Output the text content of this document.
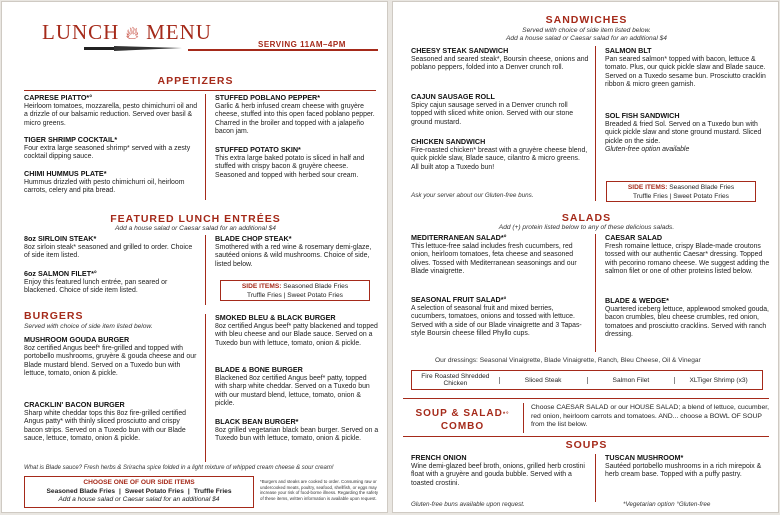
LUNCH 🔥︎ MENU
SERVING 11AM–4PM
APPETIZERS
CAPRESE PIATTO*°
Heirloom tomatoes, mozzarella, pesto chimichurri oil and a drizzle of our balsamic reduction. Served over basil & micro greens.
TIGER SHRIMP COCKTAIL*
Four extra large seasoned shrimp* served with a zesty cocktail dipping sauce.
CHIMI HUMMUS PLATE*
Hummus drizzled with pesto chimichurri oil, heirloom carrots, celery and pita bread.
STUFFED POBLANO PEPPER*
Garlic & herb infused cream cheese with gruyère cheese, stuffed into this open faced poblano pepper. Charred in the broiler and topped with a jalapeño bacon jam.
STUFFED POTATO SKIN*
This extra large baked potato is sliced in half and stuffed with crispy bacon & gruyère cheese. Seasoned and topped with herbed sour cream.
FEATURED LUNCH ENTRÉES
Add a house salad or Caesar salad for an additional $4
8oz SIRLOIN STEAK*
8oz sirloin steak* seasoned and grilled to order. Choice of side item listed.
6oz SALMON FILET*°
Enjoy this featured lunch entrée, pan seared or blackened. Choice of side item listed.
BLADE CHOP STEAK*
Smothered with a red wine & rosemary demi-glaze, sautéed onions & wild mushrooms. Choice of side, listed below.
SIDE ITEMS: Seasoned Blade Fries
Truffle Fries | Sweet Potato Fries
BURGERS
Served with choice of side item listed below.
MUSHROOM GOUDA BURGER
8oz certified Angus beef* fire-grilled and topped with portobello mushrooms, gruyère & gouda cheese and our Blade mustard blend. Served on a Tuxedo bun with lettuce, tomato, onion & pickle.
CRACKLIN' BACON BURGER
Sharp white cheddar tops this 8oz fire-grilled certified Angus patty* with thinly sliced prosciutto and crispy bacon strips. Served on a Tuxedo bun with our Blade sauce, lettuce, tomato, onion & pickle.
SMOKED BLEU & BLACK BURGER
8oz certified Angus beef* patty blackened and topped with bleu cheese and our Blade sauce. Served on a Tuxedo bun with lettuce, tomato, onion & pickle.
BLADE & BONE BURGER
Blackened 8oz certified Angus beef* patty, topped with sharp white cheddar. Served on a Tuxedo bun with our mustard blend, lettuce, tomato, onion & pickle.
BLACK BEAN BURGER*
8oz grilled vegetarian black bean burger. Served on a Tuxedo bun with lettuce, tomato, onion & pickle.
What is Blade sauce? Fresh herbs & Sriracha spice folded in a light mixture of whipped cream cheese & sour cream!
CHOOSE ONE OF OUR SIDE ITEMS
Seasoned Blade Fries | Sweet Potato Fries | Truffle Fries
Add a house salad or Caesar salad for an additional $4
*Burgers and steaks are cooked to order. Consuming raw or undercooked meats, poultry, seafood, shellfish, or eggs may increase your risk of food-borne illness. Regarding the safety of these items, written information is available upon request.
SANDWICHES
Served with choice of side item listed below.
Add a house salad or Caesar salad for an additional $4
CHEESY STEAK SANDWICH
Seasoned and seared steak*, Boursin cheese, onions and poblano peppers, folded into a Denver crunch roll.
CAJUN SAUSAGE ROLL
Spicy cajun sausage served in a Denver crunch roll topped with sliced white onion. Served with our stone ground mustard.
CHICKEN SANDWICH
Fire-roasted chicken* breast with a gruyère cheese blend, quick pickle slaw, Blade sauce, cilantro & micro greens. All built atop a Tuxedo bun!
Ask your server about our Gluten-free buns.
SALMON BLT
Pan seared salmon* topped with bacon, lettuce & tomato. Plus, our quick pickle slaw and Blade sauce. Served on a Tuxedo sesame bun. Prosciutto cracklin ribbon & micro green garnish.
SOL FISH SANDWICH
Breaded & fried Sol. Served on a Tuxedo bun with quick pickle slaw and stone ground mustard. Sliced pickle on the side.
Gluten-free option available
SIDE ITEMS: Seasoned Blade Fries
Truffle Fries | Sweet Potato Fries
SALADS
Add (+) protein listed below to any of these delicious salads.
MEDITERRANEAN SALAD*°
This lettuce-free salad includes fresh cucumbers, red onion, heirloom tomatoes, feta cheese and seasoned olives. Tossed with Mediterranean seasonings and our Blade vinaigrette.
SEASONAL FRUIT SALAD*°
A selection of seasonal fruit and mixed berries, cucumbers, tomatoes, onions and tossed with lettuce. Served with a side of our Blade vinaigrette and 3 Tapas-style Boursin cheese filled Phyllo cups.
CAESAR SALAD
Fresh romaine lettuce, crispy Blade-made croutons tossed with our authentic Caesar* dressing. Topped with pecorino romano cheese. We suggest adding the salmon filet or one of other proteins listed below.
BLADE & WEDGE*
Quartered iceberg lettuce, applewood smoked gouda, bacon crumbles, bleu cheese crumbles, red onion, tomatoes and prosciutto cracklins. Served with ranch dressing.
Our dressings: Seasonal Vinaigrette, Blade Vinaigrette, Ranch, Bleu Cheese, Oil & Vinegar
Fire Roasted Shredded Chicken	Sliced Steak	Salmon Filet	XLTiger Shrimp (x3)
SOUP & SALAD*°
COMBO
Choose CAESAR SALAD or our HOUSE SALAD; a blend of lettuce, cucumber, red onion, heirloom carrots and tomatoes. AND... choose a BOWL OF SOUP from the list below.
SOUPS
FRENCH ONION
Wine demi-glazed beef broth, onions, grilled herb crostini float with a gruyère and gouda bubble. Served with a toasted crostini.
TUSCAN MUSHROOM*
Sautéed portobello mushrooms in a rich mirepoix & herb cream base. Topped with a puffy pastry.
Gluten-free buns available upon request.	*Vegetarian option °Gluten-free
